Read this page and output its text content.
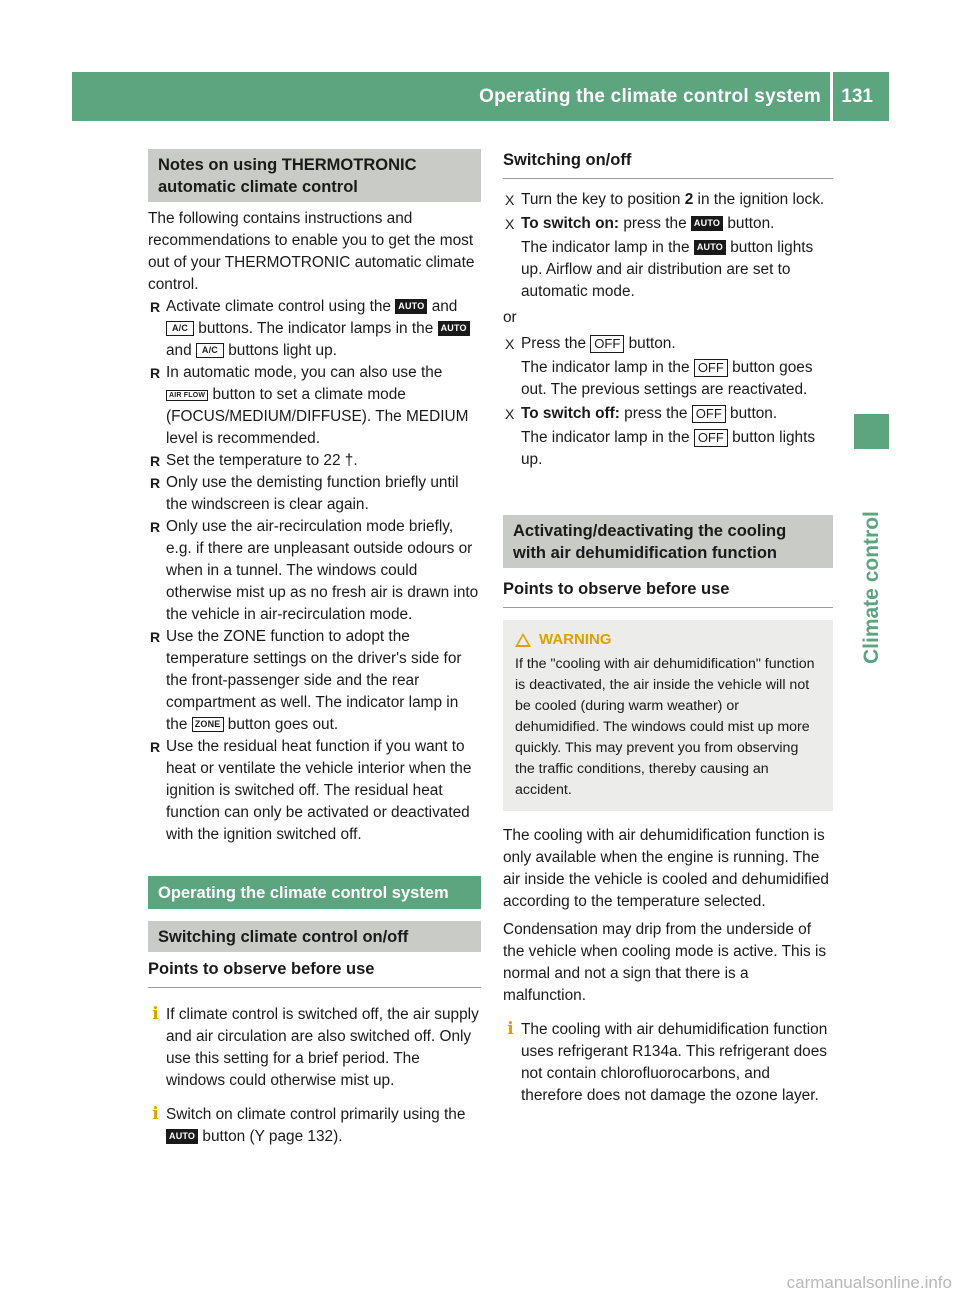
Operating the climate control system 131
Climate control
Notes on using THERMOTRONIC automatic climate control

The following contains instructions and recommendations to enable you to get the most out of your THERMOTRONIC automatic climate control.

R Activate climate control using the AUTO and A/C buttons. The indicator lamps in the AUTO and A/C buttons light up.
R In automatic mode, you can also use the AIR FLOW button to set a climate mode (FOCUS/MEDIUM/DIFFUSE). The MEDIUM level is recommended.
R Set the temperature to 22 †.
R Only use the demisting function briefly until the windscreen is clear again.
R Only use the air-recirculation mode briefly, e.g. if there are unpleasant outside odours or when in a tunnel. The windows could otherwise mist up as no fresh air is drawn into the vehicle in air-recirculation mode.
R Use the ZONE function to adopt the temperature settings on the driver's side for the front-passenger side and the rear compartment as well. The indicator lamp in the ZONE button goes out.
R Use the residual heat function if you want to heat or ventilate the vehicle interior when the ignition is switched off. The residual heat function can only be activated or deactivated with the ignition switched off.
Operating the climate control system
Switching climate control on/off
Points to observe before use
i If climate control is switched off, the air supply and air circulation are also switched off. Only use this setting for a brief period. The windows could otherwise mist up.
i Switch on climate control primarily using the AUTO button (Y page 132).
Switching on/off
X Turn the key to position 2 in the ignition lock.
X To switch on: press the AUTO button.
The indicator lamp in the AUTO button lights up. Airflow and air distribution are set to automatic mode.

or

X Press the OFF button.
The indicator lamp in the OFF button goes out. The previous settings are reactivated.
X To switch off: press the OFF button.
The indicator lamp in the OFF button lights up.
Activating/deactivating the cooling with air dehumidification function
Points to observe before use
WARNING

If the "cooling with air dehumidification" function is deactivated, the air inside the vehicle will not be cooled (during warm weather) or dehumidified. The windows could mist up more quickly. This may prevent you from observing the traffic conditions, thereby causing an accident.

The cooling with air dehumidification function is only available when the engine is running. The air inside the vehicle is cooled and dehumidified according to the temperature selected.

Condensation may drip from the underside of the vehicle when cooling mode is active. This is normal and not a sign that there is a malfunction.

i The cooling with air dehumidification function uses refrigerant R134a. This refrigerant does not contain chlorofluorocarbons, and therefore does not damage the ozone layer.
carmanualsonline.info
